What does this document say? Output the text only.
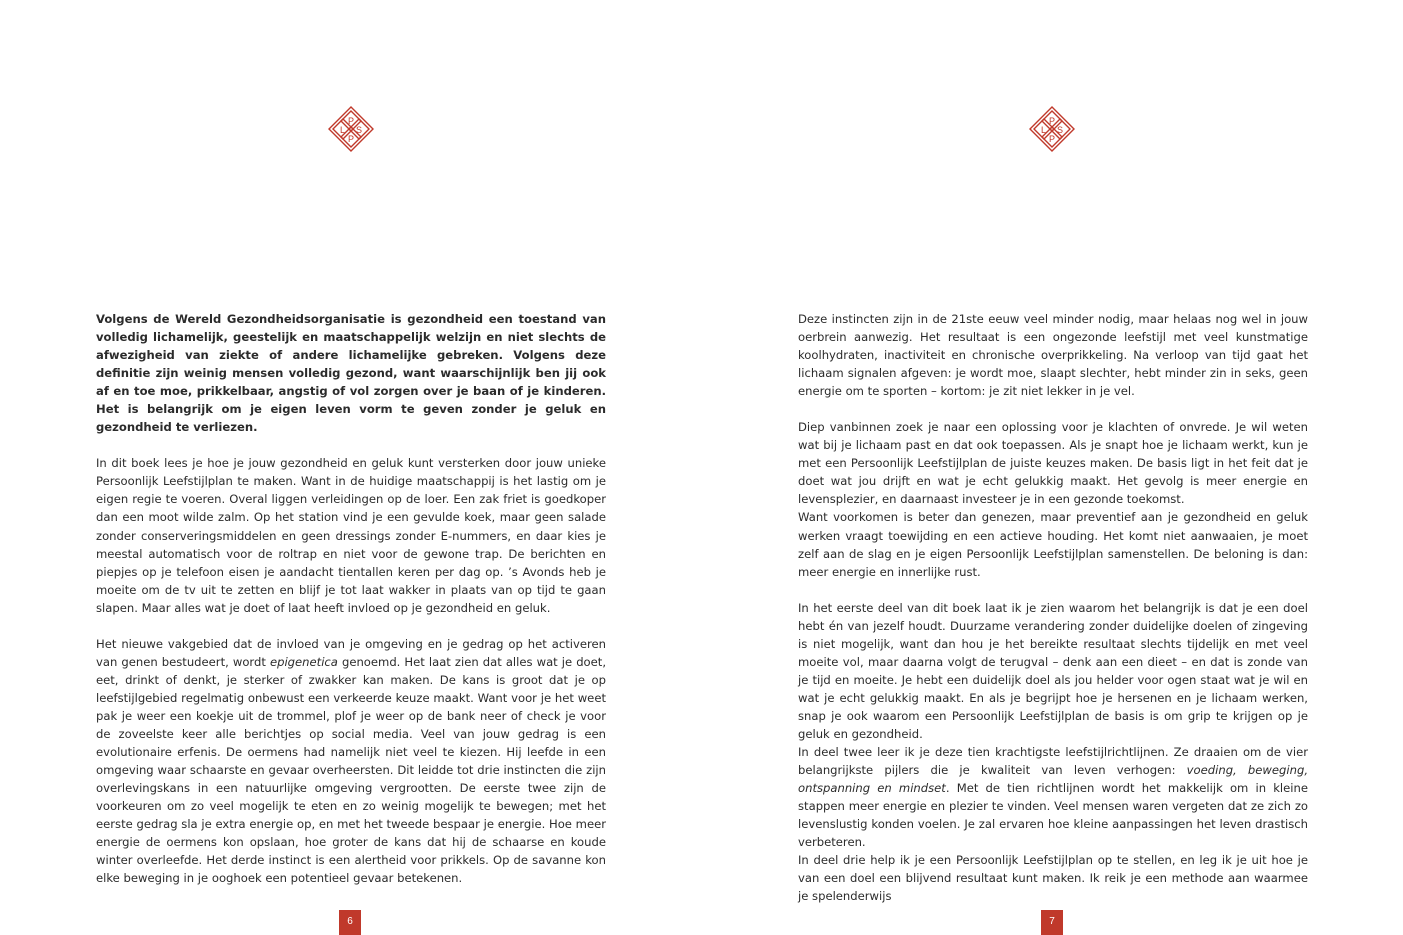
P
L S
P

Volgens de Wereld Gezondheidsorganisatie is gezondheid een toestand van volledig lichamelijk, geestelijk en maatschappelijk welzijn en niet slechts de afwezigheid van ziekte of andere lichamelijke gebreken. Volgens deze definitie zijn weinig mensen volledig gezond, want waarschijnlijk ben jij ook af en toe moe, prikkelbaar, angstig of vol zorgen over je baan of je kinderen. Het is belangrijk om je eigen leven vorm te geven zonder je geluk en gezondheid te verliezen.

In dit boek lees je hoe je jouw gezondheid en geluk kunt versterken door jouw unieke Persoonlijk Leefstijlplan te maken. Want in de huidige maatschappij is het lastig om je eigen regie te voeren. Overal liggen verleidingen op de loer. Een zak friet is goedkoper dan een moot wilde zalm. Op het station vind je een gevulde koek, maar geen salade zonder conserveringsmiddelen en geen dressings zonder E-nummers, en daar kies je meestal automatisch voor de roltrap en niet voor de gewone trap. De berichten en piepjes op je telefoon eisen je aandacht tientallen keren per dag op. ’s Avonds heb je moeite om de tv uit te zetten en blijf je tot laat wakker in plaats van op tijd te gaan slapen. Maar alles wat je doet of laat heeft invloed op je gezondheid en geluk.

Het nieuwe vakgebied dat de invloed van je omgeving en je gedrag op het activeren van genen bestudeert, wordt epigenetica genoemd. Het laat zien dat alles wat je doet, eet, drinkt of denkt, je sterker of zwakker kan maken. De kans is groot dat je op leefstijlgebied regelmatig onbewust een verkeerde keuze maakt. Want voor je het weet pak je weer een koekje uit de trommel, plof je weer op de bank neer of check je voor de zoveelste keer alle berichtjes op social media. Veel van jouw gedrag is een evolutionaire erfenis. De oermens had namelijk niet veel te kiezen. Hij leefde in een omgeving waar schaarste en gevaar overheersten. Dit leidde tot drie instincten die zijn overlevingskans in een natuurlijke omgeving vergrootten. De eerste twee zijn de voorkeuren om zo veel mogelijk te eten en zo weinig mogelijk te bewegen; met het eerste gedrag sla je extra energie op, en met het tweede bespaar je energie. Hoe meer energie de oermens kon opslaan, hoe groter de kans dat hij de schaarse en koude winter overleefde. Het derde instinct is een alertheid voor prikkels. Op de savanne kon elke beweging in je ooghoek een potentieel gevaar betekenen.

6
P
L S
P

Deze instincten zijn in de 21ste eeuw veel minder nodig, maar helaas nog wel in jouw oerbrein aanwezig. Het resultaat is een ongezonde leefstijl met veel kunstmatige koolhydraten, inactiviteit en chronische overprikkeling. Na verloop van tijd gaat het lichaam signalen afgeven: je wordt moe, slaapt slechter, hebt minder zin in seks, geen energie om te sporten – kortom: je zit niet lekker in je vel.

Diep vanbinnen zoek je naar een oplossing voor je klachten of onvrede. Je wil weten wat bij je lichaam past en dat ook toepassen. Als je snapt hoe je lichaam werkt, kun je met een Persoonlijk Leefstijlplan de juiste keuzes maken. De basis ligt in het feit dat je doet wat jou drijft en wat je echt gelukkig maakt. Het gevolg is meer energie en levensplezier, en daarnaast investeer je in een gezonde toekomst.

Want voorkomen is beter dan genezen, maar preventief aan je gezondheid en geluk werken vraagt toewijding en een actieve houding. Het komt niet aanwaaien, je moet zelf aan de slag en je eigen Persoonlijk Leefstijlplan samenstellen. De beloning is dan: meer energie en innerlijke rust.

In het eerste deel van dit boek laat ik je zien waarom het belangrijk is dat je een doel hebt én van jezelf houdt. Duurzame verandering zonder duidelijke doelen of zingeving is niet mogelijk, want dan hou je het bereikte resultaat slechts tijdelijk en met veel moeite vol, maar daarna volgt de terugval – denk aan een dieet – en dat is zonde van je tijd en moeite. Je hebt een duidelijk doel als jou helder voor ogen staat wat je wil en wat je echt gelukkig maakt. En als je begrijpt hoe je hersenen en je lichaam werken, snap je ook waarom een Persoonlijk Leefstijlplan de basis is om grip te krijgen op je geluk en gezondheid.

In deel twee leer ik je deze tien krachtigste leefstijlrichtlijnen. Ze draaien om de vier belangrijkste pijlers die je kwaliteit van leven verhogen: voeding, beweging, ontspanning en mindset. Met de tien richtlijnen wordt het makkelijk om in kleine stappen meer energie en plezier te vinden. Veel mensen waren vergeten dat ze zich zo levenslustig konden voelen. Je zal ervaren hoe kleine aanpassingen het leven drastisch verbeteren.

In deel drie help ik je een Persoonlijk Leefstijlplan op te stellen, en leg ik je uit hoe je van een doel een blijvend resultaat kunt maken. Ik reik je een methode aan waarmee je spelenderwijs

7
